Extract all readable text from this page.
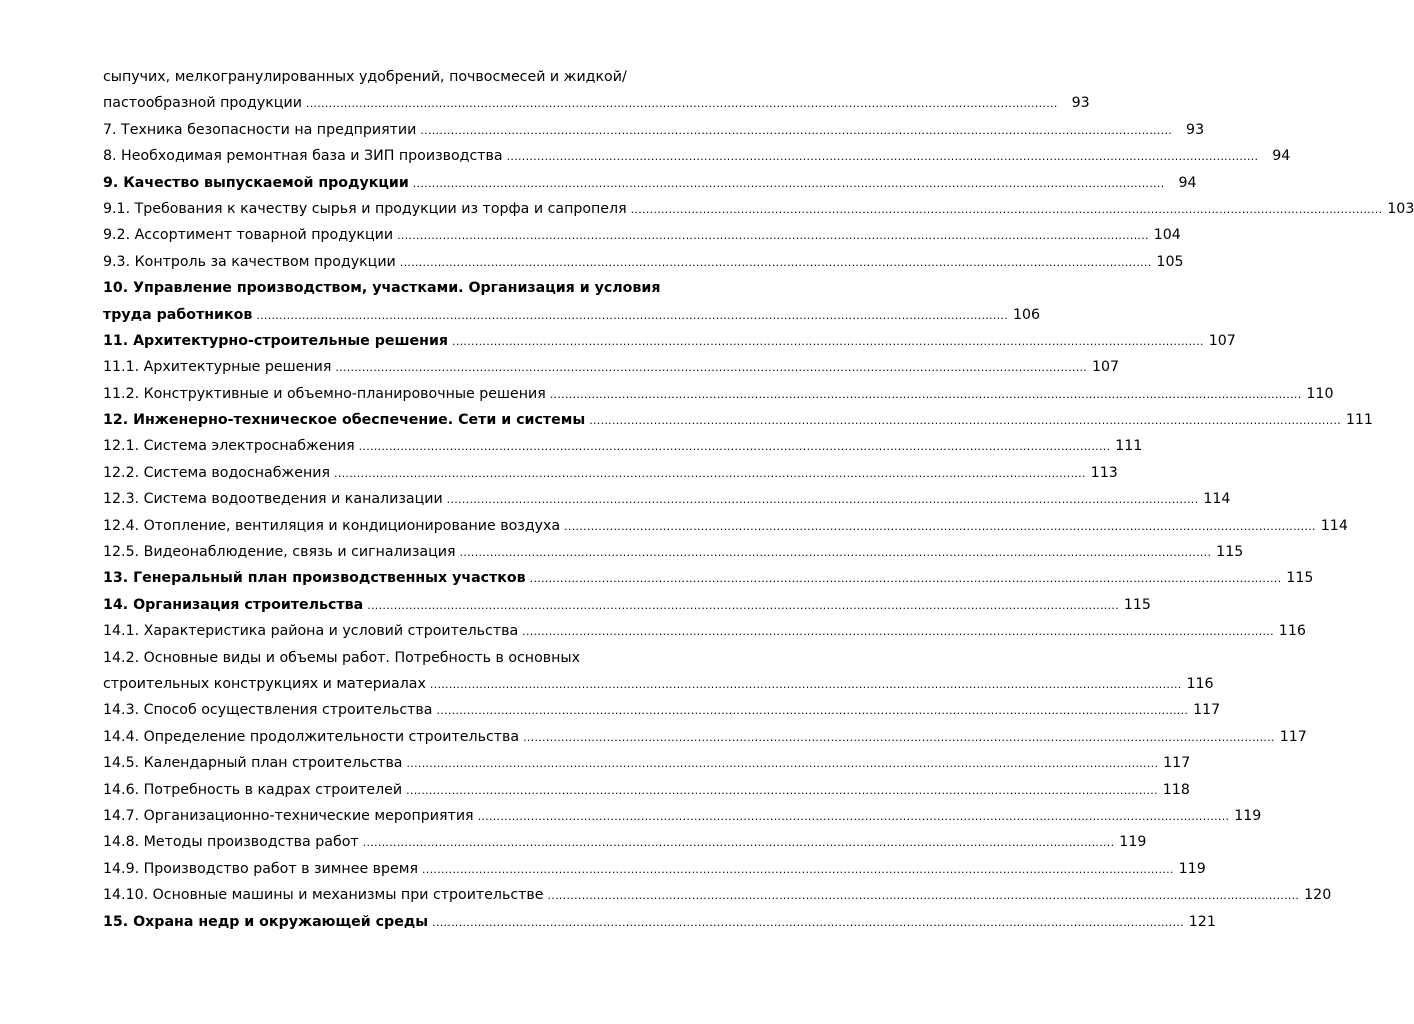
сыпучих, мелкогранулированных удобрений, почвосмесей и жидкой/
пастообразной продукции .....	93
7. Техника безопасности на предприятии .....	93
8. Необходимая ремонтная база и ЗИП производства .....	94
9. Качество выпускаемой продукции .....	94
9.1. Требования к качеству сырья и продукции из торфа и сапропеля .....	103
9.2. Ассортимент товарной продукции .....	104
9.3. Контроль за качеством продукции .....	105
10. Управление производством, участками. Организация и условия
труда работников .....	106
11. Архитектурно-строительные решения .....	107
11.1. Архитектурные решения .....	107
11.2. Конструктивные и объемно-планировочные решения .....	110
12. Инженерно-техническое обеспечение. Сети и системы .....	111
12.1. Система электроснабжения .....	111
12.2. Система водоснабжения .....	113
12.3. Система водоотведения и канализации .....	114
12.4. Отопление, вентиляция и кондиционирование воздуха .....	114
12.5. Видеонаблюдение, связь и сигнализация .....	115
13. Генеральный план производственных участков .....	115
14. Организация строительства .....	115
14.1. Характеристика района и условий строительства .....	116
14.2. Основные виды и объемы работ. Потребность в основных
строительных конструкциях и материалах .....	116
14.3. Способ осуществления строительства .....	117
14.4. Определение продолжительности строительства .....	117
14.5. Календарный план строительства .....	117
14.6. Потребность в кадрах строителей .....	118
14.7. Организационно-технические мероприятия .....	119
14.8. Методы производства работ .....	119
14.9. Производство работ в зимнее время .....	119
14.10. Основные машины и механизмы при строительстве .....	120
15. Охрана недр и окружающей среды .....	121
